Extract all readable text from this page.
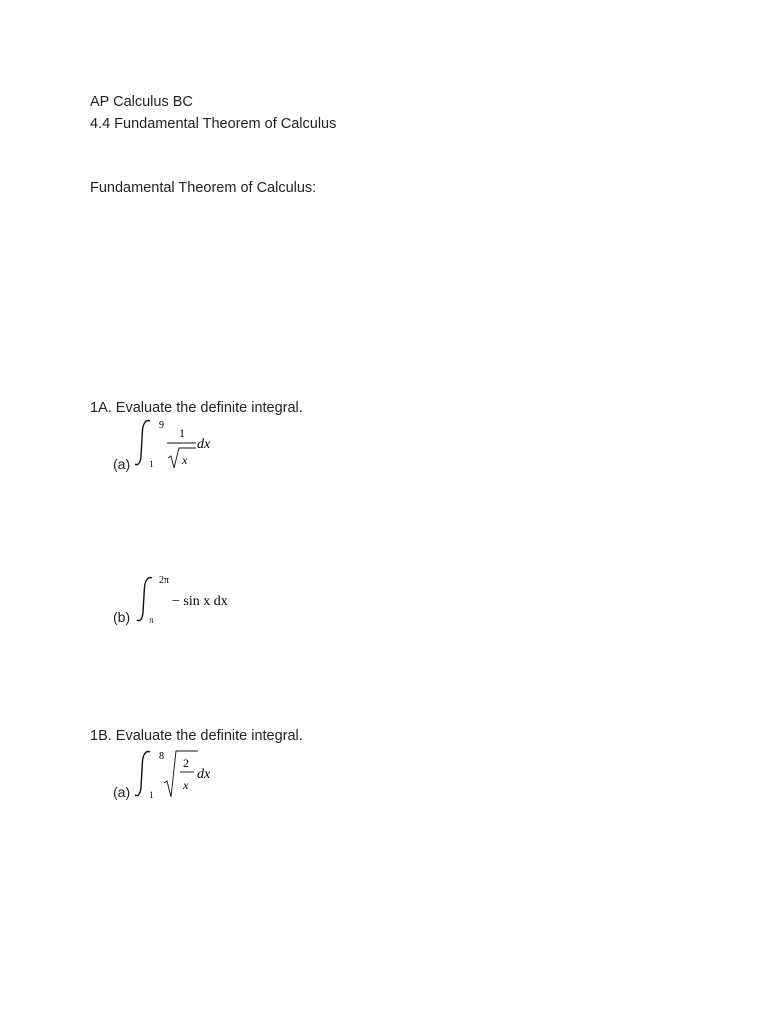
AP Calculus BC
4.4 Fundamental Theorem of Calculus
Fundamental Theorem of Calculus:
1A. Evaluate the definite integral.
(a)
9
1
1
x
dx
(b)
2π
π
− sin x dx
1B. Evaluate the definite integral.
(a)
8
1
2
x
dx
